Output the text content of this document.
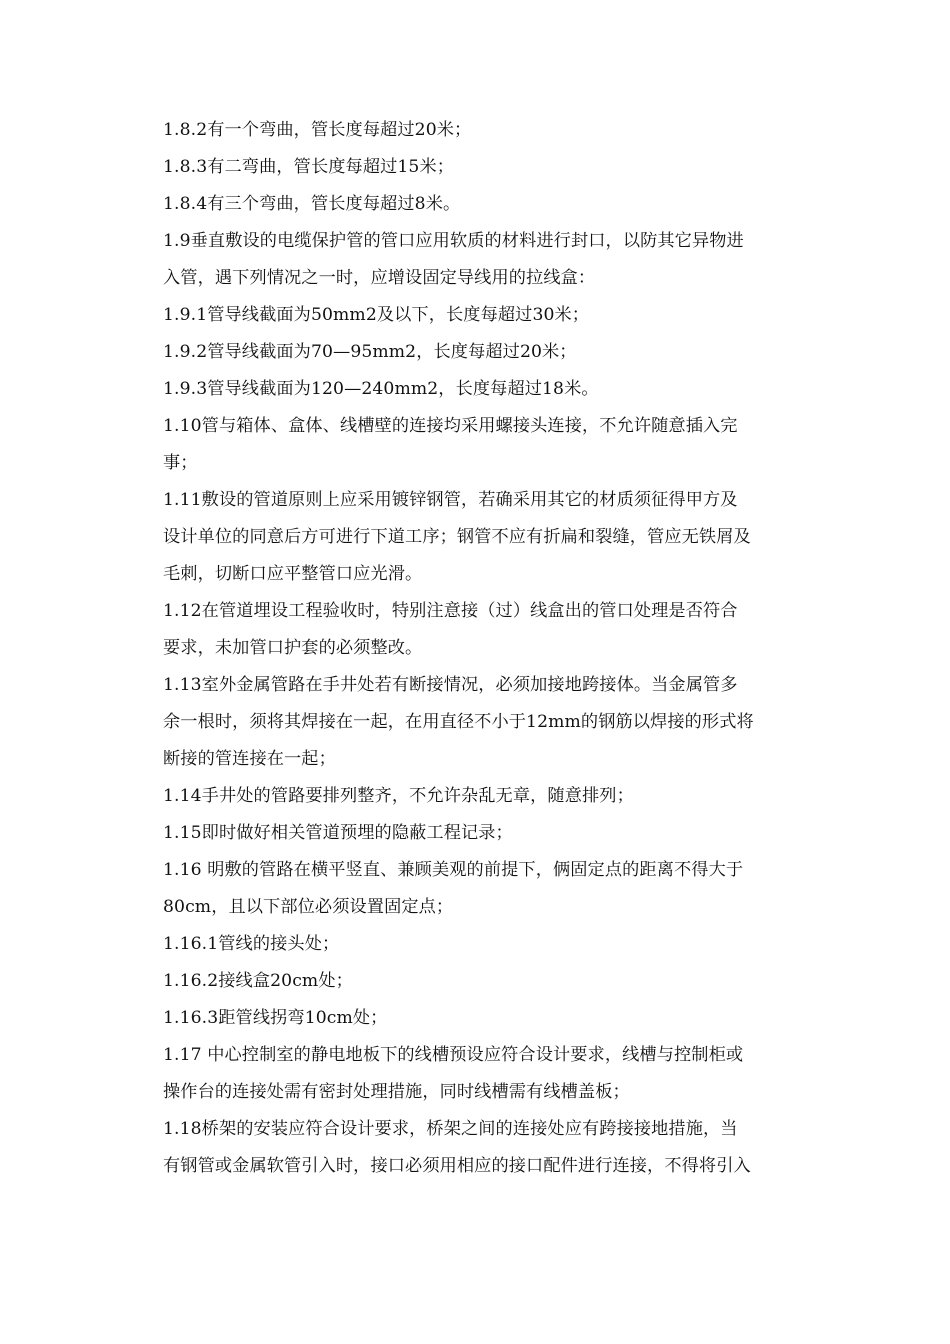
1.8.2有一个弯曲，管长度每超过20米；
1.8.3有二弯曲，管长度每超过15米；
1.8.4有三个弯曲，管长度每超过8米。
1.9垂直敷设的电缆保护管的管口应用软质的材料进行封口，以防其它异物进
入管，遇下列情况之一时，应增设固定导线用的拉线盒：
1.9.1管导线截面为50mm2及以下，长度每超过30米；
1.9.2管导线截面为70—95mm2，长度每超过20米；
1.9.3管导线截面为120—240mm2，长度每超过18米。
1.10管与箱体、盒体、线槽壁的连接均采用螺接头连接，不允许随意插入完
事；
1.11敷设的管道原则上应采用镀锌钢管，若确采用其它的材质须征得甲方及
设计单位的同意后方可进行下道工序；钢管不应有折扁和裂缝，管应无铁屑及
毛刺，切断口应平整管口应光滑。
1.12在管道埋设工程验收时，特别注意接（过）线盒出的管口处理是否符合
要求，未加管口护套的必须整改。
1.13室外金属管路在手井处若有断接情况，必须加接地跨接体。当金属管多
余一根时，须将其焊接在一起，在用直径不小于12mm的钢筋以焊接的形式将
断接的管连接在一起；
1.14手井处的管路要排列整齐，不允许杂乱无章，随意排列；
1.15即时做好相关管道预埋的隐蔽工程记录；
1.16 明敷的管路在横平竖直、兼顾美观的前提下，俩固定点的距离不得大于
80cm，且以下部位必须设置固定点；
1.16.1管线的接头处；
1.16.2接线盒20cm处；
1.16.3距管线拐弯10cm处；
1.17 中心控制室的静电地板下的线槽预设应符合设计要求，线槽与控制柜或
操作台的连接处需有密封处理措施，同时线槽需有线槽盖板；
1.18桥架的安装应符合设计要求，桥架之间的连接处应有跨接接地措施，当
有钢管或金属软管引入时，接口必须用相应的接口配件进行连接，不得将引入
